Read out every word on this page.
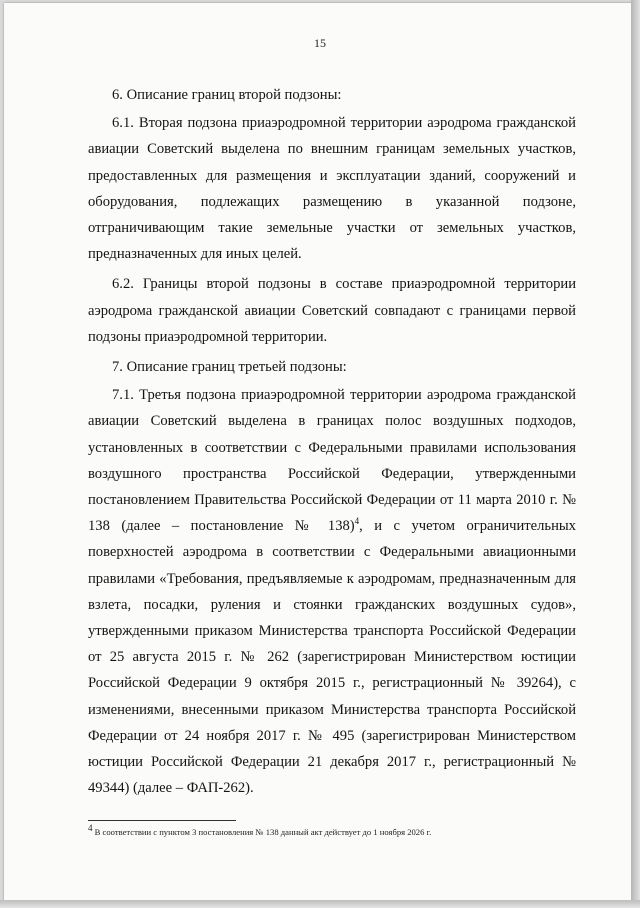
15

6. Описание границ второй подзоны:

6.1. Вторая подзона приаэродромной территории аэродрома гражданской авиации Советский выделена по внешним границам земельных участков, предоставленных для размещения и эксплуатации зданий, сооружений и оборудования, подлежащих размещению в указанной подзоне, отграничивающим такие земельные участки от земельных участков, предназначенных для иных целей.

6.2. Границы второй подзоны в составе приаэродромной территории аэродрома гражданской авиации Советский совпадают с границами первой подзоны приаэродромной территории.

7. Описание границ третьей подзоны:

7.1. Третья подзона приаэродромной территории аэродрома гражданской авиации Советский выделена в границах полос воздушных подходов, установленных в соответствии с Федеральными правилами использования воздушного пространства Российской Федерации, утвержденными постановлением Правительства Российской Федерации от 11 марта 2010 г. № 138 (далее – постановление № 138)$^4$, и с учетом ограничительных поверхностей аэродрома в соответствии с Федеральными авиационными правилами «Требования, предъявляемые к аэродромам, предназначенным для взлета, посадки, руления и стоянки гражданских воздушных судов», утвержденными приказом Министерства транспорта Российской Федерации от 25 августа 2015 г. № 262 (зарегистрирован Министерством юстиции Российской Федерации 9 октября 2015 г., регистрационный № 39264), с изменениями, внесенными приказом Министерства транспорта Российской Федерации от 24 ноября 2017 г. № 495 (зарегистрирован Министерством юстиции Российской Федерации 21 декабря 2017 г., регистрационный № 49344) (далее – ФАП-262).

$^4$ В соответствии с пунктом 3 постановления № 138 данный акт действует до 1 ноября 2026 г.
